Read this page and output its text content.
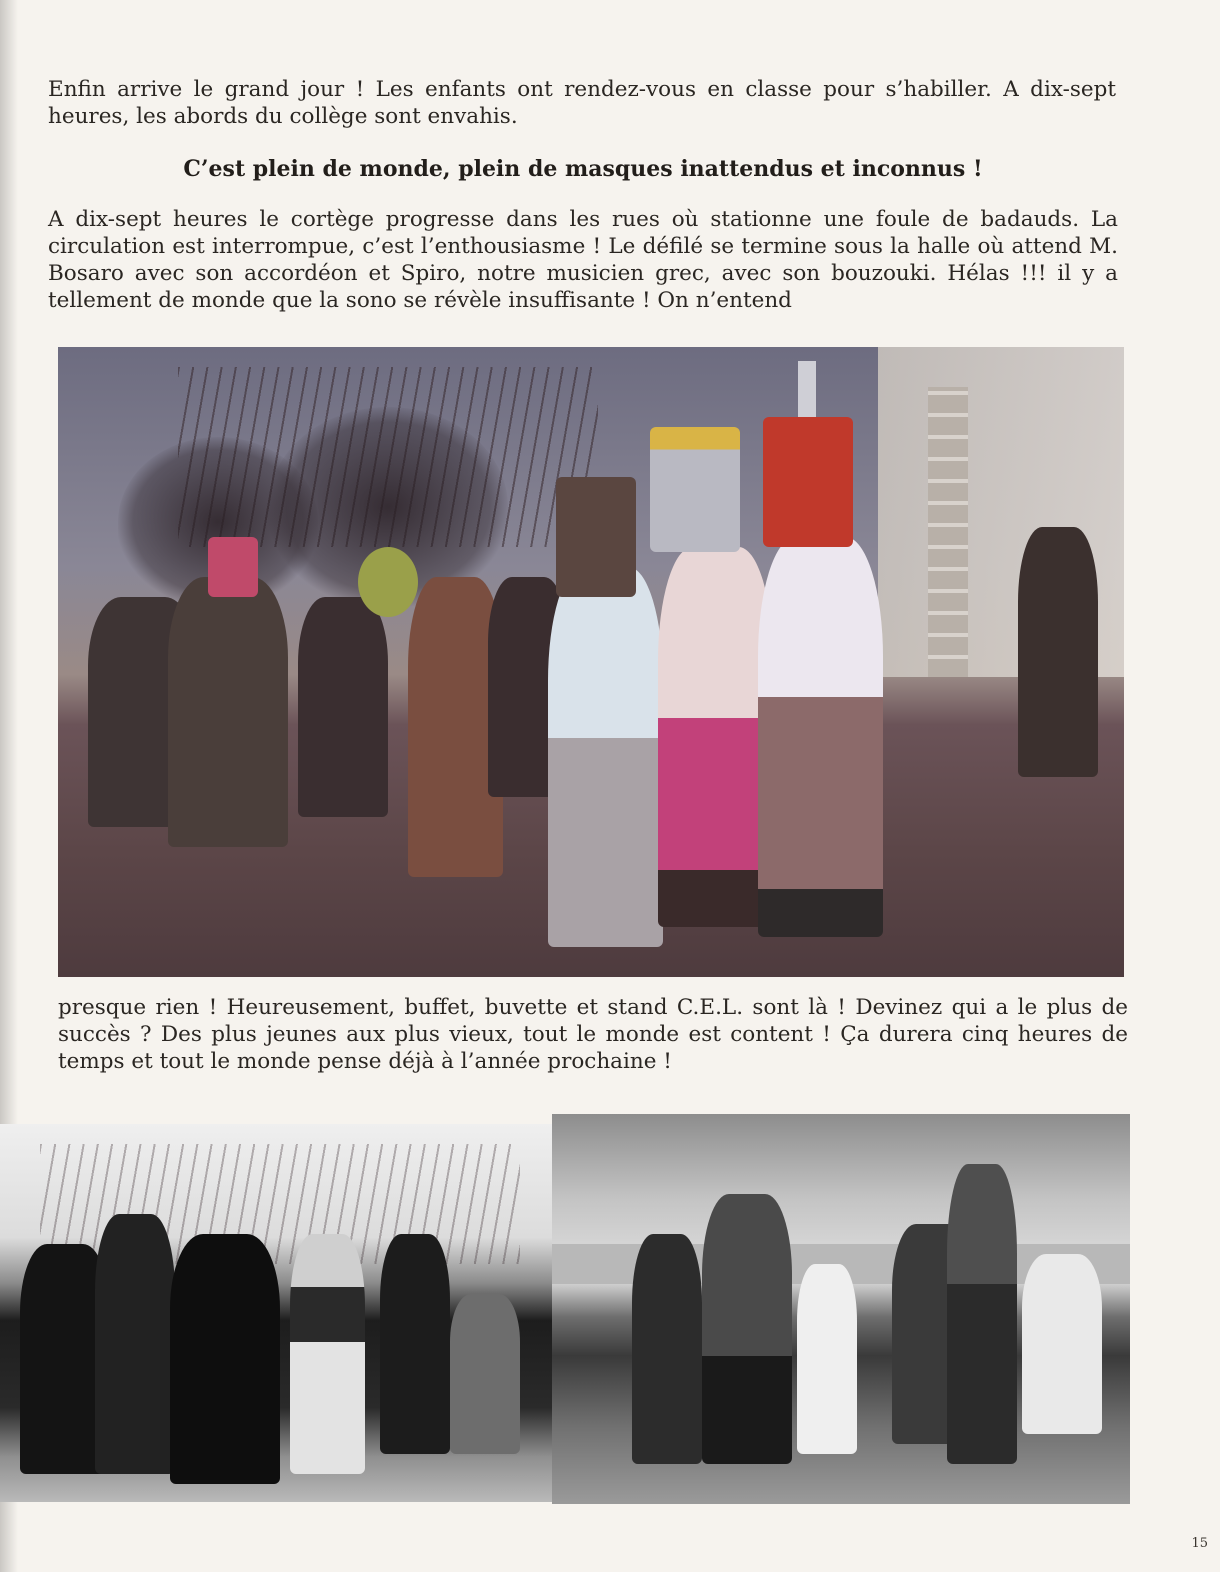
Enfin arrive le grand jour ! Les enfants ont rendez-vous en classe pour s’habiller. A dix-sept heures, les abords du collège sont envahis.

C’est plein de monde, plein de masques inattendus et inconnus !

A dix-sept heures le cortège progresse dans les rues où stationne une foule de badauds. La circulation est interrompue, c’est l’enthousiasme ! Le défilé se termine sous la halle où attend M. Bosaro avec son accordéon et Spiro, notre musicien grec, avec son bouzouki. Hélas !!! il y a tellement de monde que la sono se révèle insuffisante ! On n’entend

presque rien ! Heureusement, buffet, buvette et stand C.E.L. sont là ! Devinez qui a le plus de succès ? Des plus jeunes aux plus vieux, tout le monde est content ! Ça durera cinq heures de temps et tout le monde pense déjà à l’année prochaine !

15
